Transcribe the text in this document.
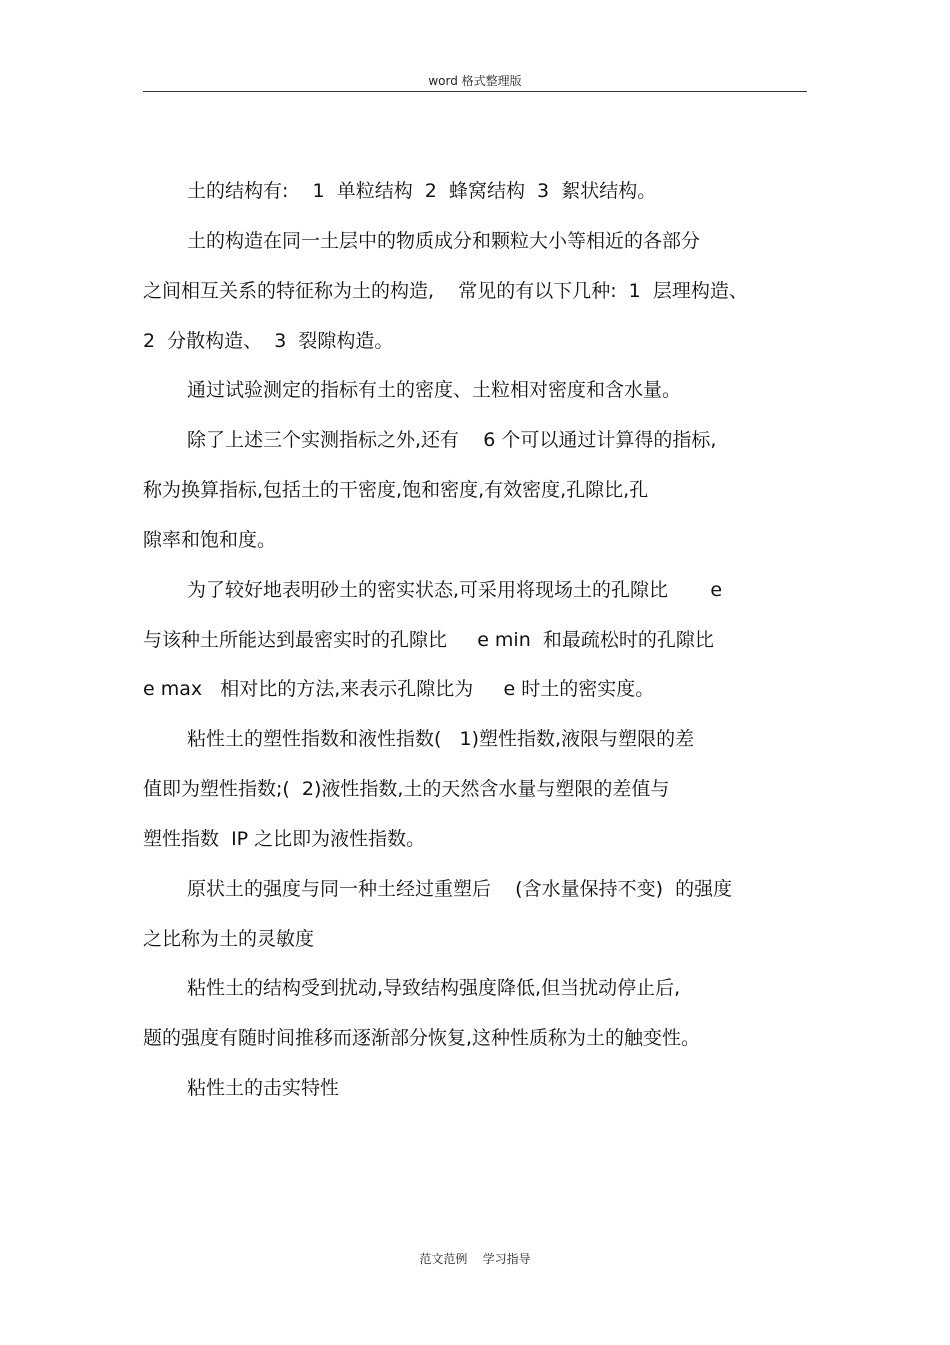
word 格式整理版
土的结构有:    1  单粒结构  2  蜂窝结构  3  絮状结构。
土的构造在同一土层中的物质成分和颗粒大小等相近的各部分
之间相互关系的特征称为土的构造,    常见的有以下几种:  1  层理构造、
2  分散构造、  3  裂隙构造。
通过试验测定的指标有土的密度、土粒相对密度和含水量。
除了上述三个实测指标之外,还有    6 个可以通过计算得的指标,
称为换算指标,包括土的干密度,饱和密度,有效密度,孔隙比,孔
隙率和饱和度。
为了较好地表明砂土的密实状态,可采用将现场土的孔隙比       e
与该种土所能达到最密实时的孔隙比     e min  和最疏松时的孔隙比
e max   相对比的方法,来表示孔隙比为     e 时土的密实度。
粘性土的塑性指数和液性指数(   1)塑性指数,液限与塑限的差
值即为塑性指数;(  2)液性指数,土的天然含水量与塑限的差值与
塑性指数  IP 之比即为液性指数。
原状土的强度与同一种土经过重塑后    (含水量保持不变)  的强度
之比称为土的灵敏度
粘性土的结构受到扰动,导致结构强度降低,但当扰动停止后,
题的强度有随时间推移而逐渐部分恢复,这种性质称为土的触变性。
粘性土的击实特性
范文范例    学习指导
